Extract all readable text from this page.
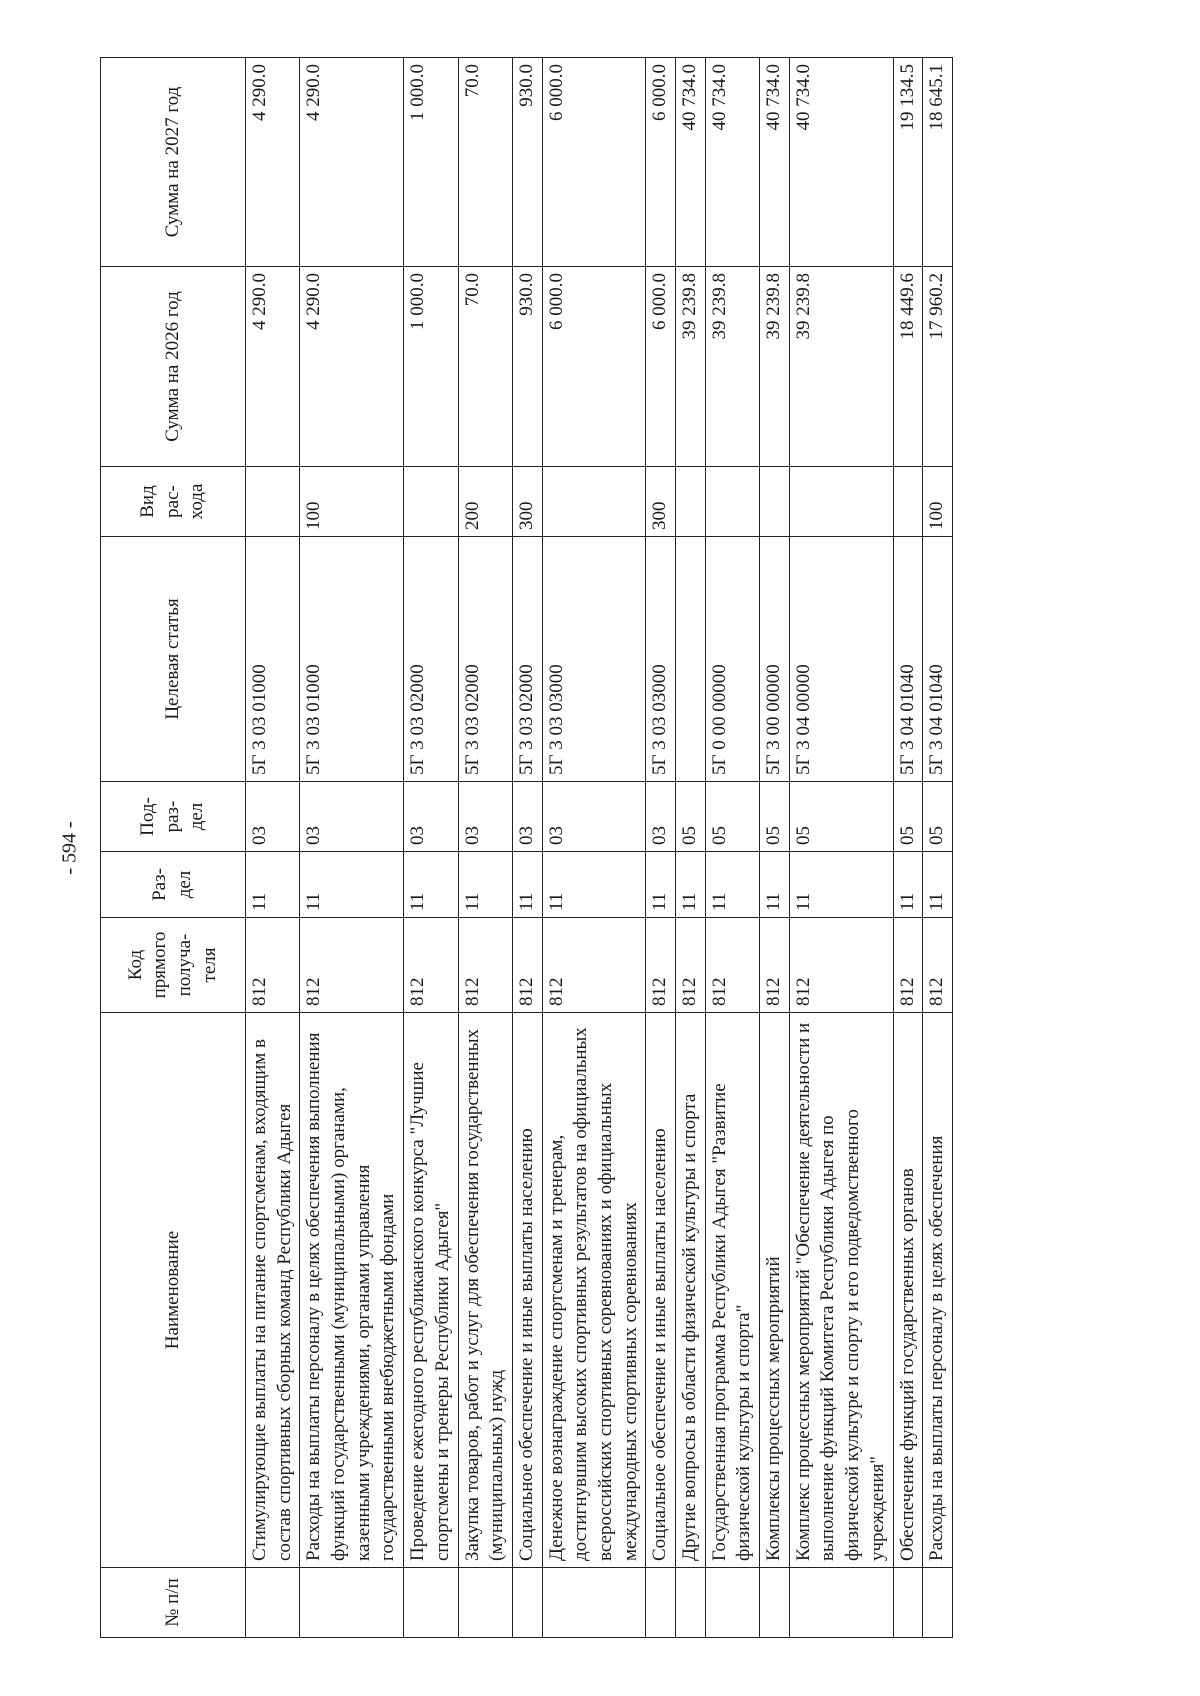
- 594 -
№ п/п	Наименование	Код прямого получа-теля	Раз-дел	Под-раз-дел	Целевая статья	Вид рас-хода	Сумма на 2026 год	Сумма на 2027 год
	Стимулирующие выплаты на питание спортсменам, входящим в состав спортивных сборных команд Республики Адыгея	812	11	03	5Г 3 03 01000		4 290.0	4 290.0
	Расходы на выплаты персоналу в целях обеспечения выполнения функций государственными (муниципальными) органами, казенными учреждениями, органами управления государственными внебюджетными фондами	812	11	03	5Г 3 03 01000	100	4 290.0	4 290.0
	Проведение ежегодного республиканского конкурса "Лучшие спортсмены и тренеры Республики Адыгея"	812	11	03	5Г 3 03 02000		1 000.0	1 000.0
	Закупка товаров, работ и услуг для обеспечения государственных (муниципальных) нужд	812	11	03	5Г 3 03 02000	200	70.0	70.0
	Социальное обеспечение и иные выплаты населению	812	11	03	5Г 3 03 02000	300	930.0	930.0
	Денежное вознаграждение спортсменам и тренерам, достигнувшим высоких спортивных результатов на официальных всероссийских спортивных соревнованиях и официальных международных спортивных соревнованиях	812	11	03	5Г 3 03 03000		6 000.0	6 000.0
	Социальное обеспечение и иные выплаты населению	812	11	03	5Г 3 03 03000	300	6 000.0	6 000.0
	Другие вопросы в области физической культуры и спорта	812	11	05			39 239.8	40 734.0
	Государственная программа Республики Адыгея "Развитие физической культуры и спорта"	812	11	05	5Г 0 00 00000		39 239.8	40 734.0
	Комплексы процессных мероприятий	812	11	05	5Г 3 00 00000		39 239.8	40 734.0
	Комплекс процессных мероприятий "Обеспечение деятельности и выполнение функций Комитета Республики Адыгея по физической культуре и спорту и его подведомственного учреждения"	812	11	05	5Г 3 04 00000		39 239.8	40 734.0
	Обеспечение функций государственных органов	812	11	05	5Г 3 04 01040		18 449.6	19 134.5
	Расходы на выплаты персоналу в целях обеспечения	812	11	05	5Г 3 04 01040	100	17 960.2	18 645.1
